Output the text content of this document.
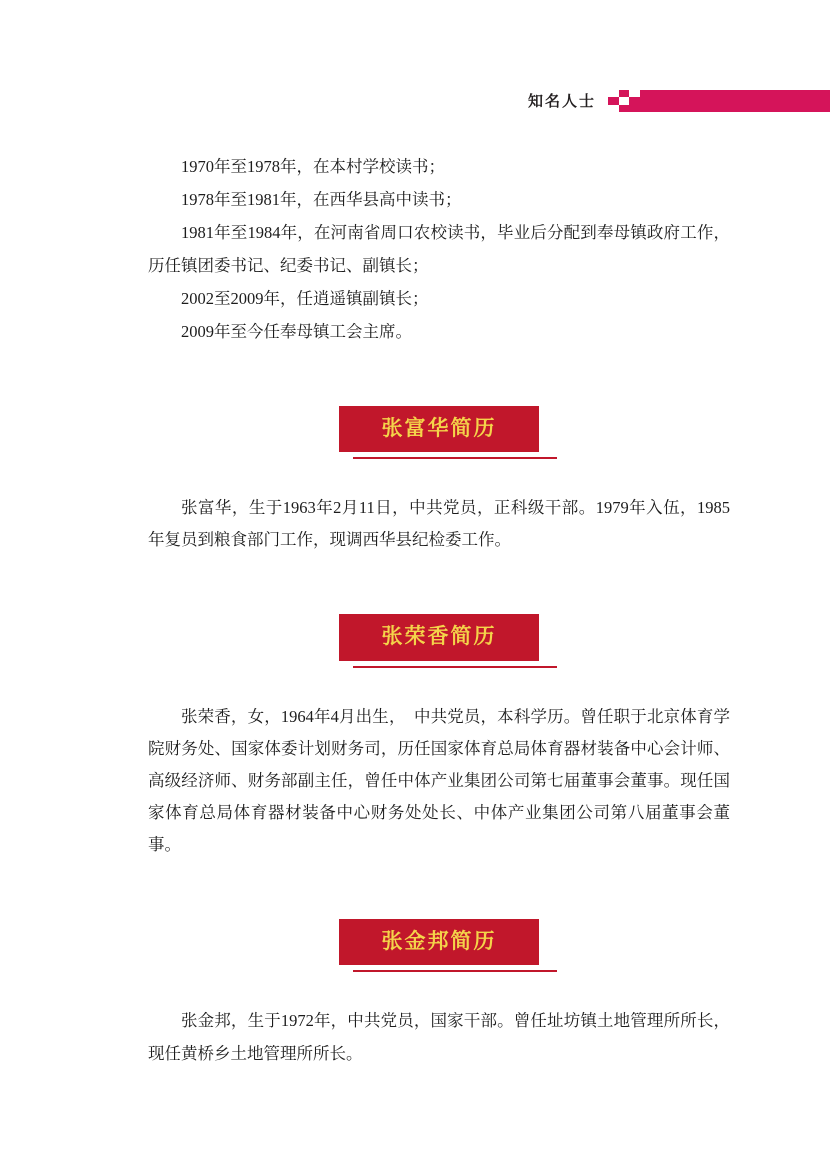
知名人士

1970年至1978年，在本村学校读书；

1978年至1981年，在西华县高中读书；

1981年至1984年，在河南省周口农校读书，毕业后分配到奉母镇政府工作，历任镇团委书记、纪委书记、副镇长；

2002至2009年，任逍遥镇副镇长；

2009年至今任奉母镇工会主席。

张富华简历

张富华，生于1963年2月11日，中共党员，正科级干部。1979年入伍，1985年复员到粮食部门工作，现调西华县纪检委工作。

张荣香简历

张荣香，女，1964年4月出生，　中共党员，本科学历。曾任职于北京体育学院财务处、国家体委计划财务司，历任国家体育总局体育器材装备中心会计师、高级经济师、财务部副主任，曾任中体产业集团公司第七届董事会董事。现任国家体育总局体育器材装备中心财务处处长、中体产业集团公司第八届董事会董事。

张金邦简历

张金邦，生于1972年，中共党员，国家干部。曾任址坊镇土地管理所所长，现任黄桥乡土地管理所所长。
